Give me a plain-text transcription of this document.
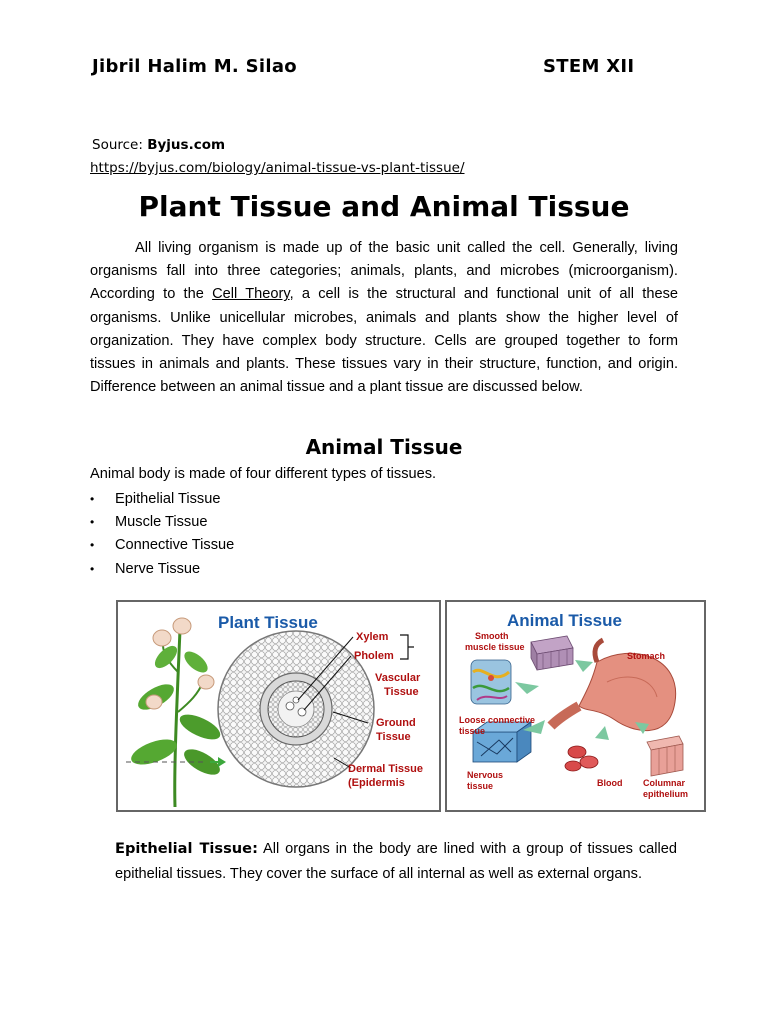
Jibril Halim M. Silao	STEM XII
Source: Byjus.com
https://byjus.com/biology/animal-tissue-vs-plant-tissue/
Plant Tissue and Animal Tissue

All living organism is made up of the basic unit called the cell. Generally, living organisms fall into three categories; animals, plants, and microbes (microorganism). According to the Cell Theory, a cell is the structural and functional unit of all these organisms. Unlike unicellular microbes, animals and plants show the higher level of organization. They have complex body structure. Cells are grouped together to form tissues in animals and plants. These tissues vary in their structure, function, and origin. Difference between an animal tissue and a plant tissue are discussed below.

Animal Tissue
Animal body is made of four different types of tissues.
• Epithelial Tissue
• Muscle Tissue
• Connective Tissue
• Nerve Tissue
Plant Tissue
Xylem
Pholem
Vascular
Tissue
Ground
Tissue
Dermal Tissue
(Epidermis
Animal Tissue
Smooth
muscle tissue
Stomach
Loose connective
tissue
Nervous
tissue	Blood Columnar
epithelium

Epithelial Tissue: All organs in the body are lined with a group of tissues called epithelial tissues. They cover the surface of all internal as well as external organs.
